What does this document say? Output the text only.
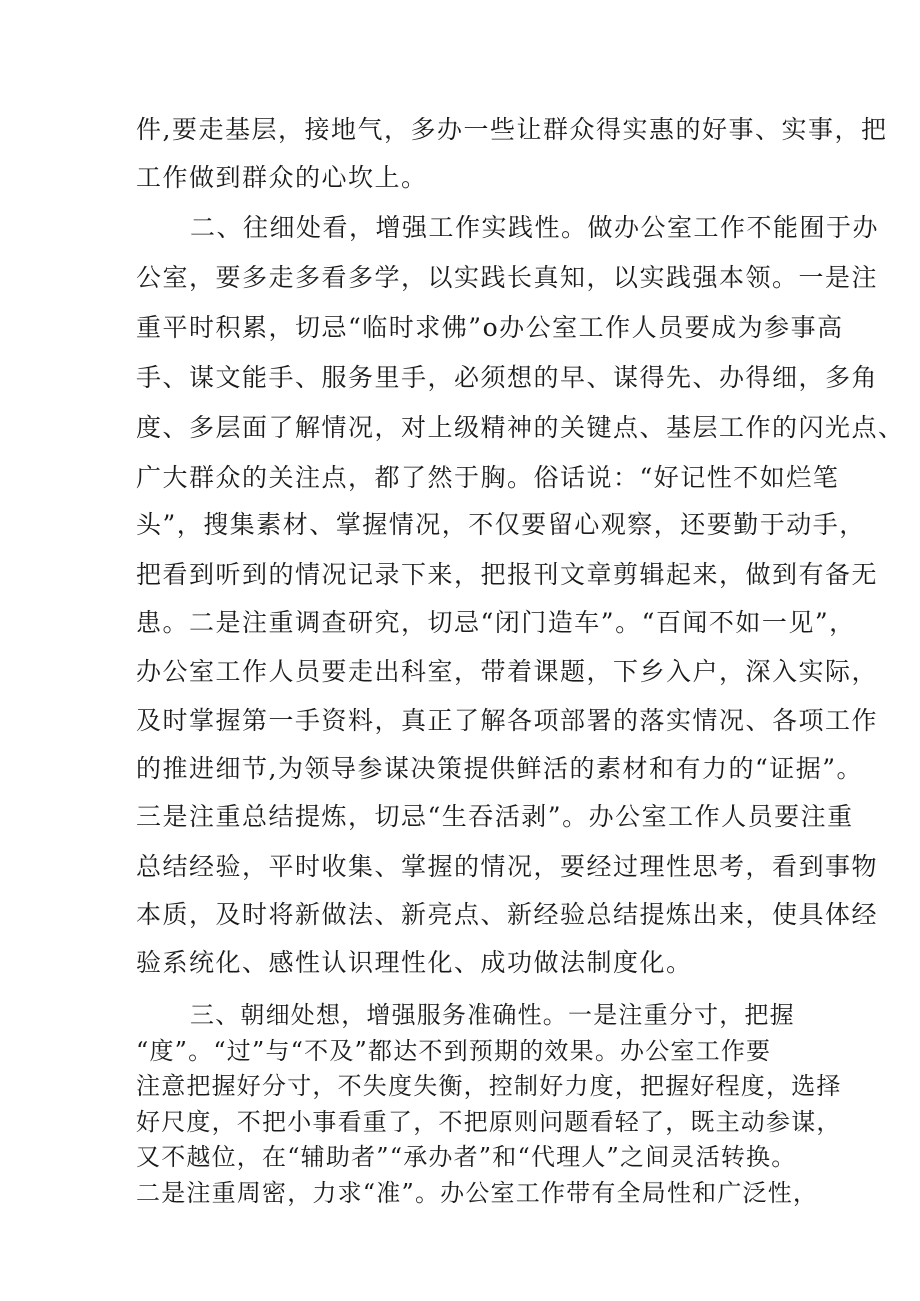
件,要走基层，接地气，多办一些让群众得实惠的好事、实事，把
工作做到群众的心坎上。
二、往细处看，增强工作实践性。做办公室工作不能囿于办
公室，要多走多看多学，以实践长真知，以实践强本领。一是注
重平时积累，切忌“临时求佛”o办公室工作人员要成为参事高
手、谋文能手、服务里手，必须想的早、谋得先、办得细，多角
度、多层面了解情况，对上级精神的关键点、基层工作的闪光点、
广大群众的关注点，都了然于胸。俗话说：“好记性不如烂笔
头”，搜集素材、掌握情况，不仅要留心观察，还要勤于动手，
把看到听到的情况记录下来，把报刊文章剪辑起来，做到有备无
患。二是注重调查研究，切忌“闭门造车”。“百闻不如一见”，
办公室工作人员要走出科室，带着课题，下乡入户，深入实际，
及时掌握第一手资料，真正了解各项部署的落实情况、各项工作
的推进细节,为领导参谋决策提供鲜活的素材和有力的“证据”。
三是注重总结提炼，切忌“生吞活剥”。办公室工作人员要注重
总结经验，平时收集、掌握的情况，要经过理性思考，看到事物
本质，及时将新做法、新亮点、新经验总结提炼出来，使具体经
验系统化、感性认识理性化、成功做法制度化。
三、朝细处想，增强服务准确性。一是注重分寸，把握
“度”。“过”与“不及”都达不到预期的效果。办公室工作要
注意把握好分寸，不失度失衡，控制好力度，把握好程度，选择
好尺度，不把小事看重了，不把原则问题看轻了，既主动参谋，
又不越位，在“辅助者”“承办者”和“代理人”之间灵活转换。
二是注重周密，力求“准”。办公室工作带有全局性和广泛性，
